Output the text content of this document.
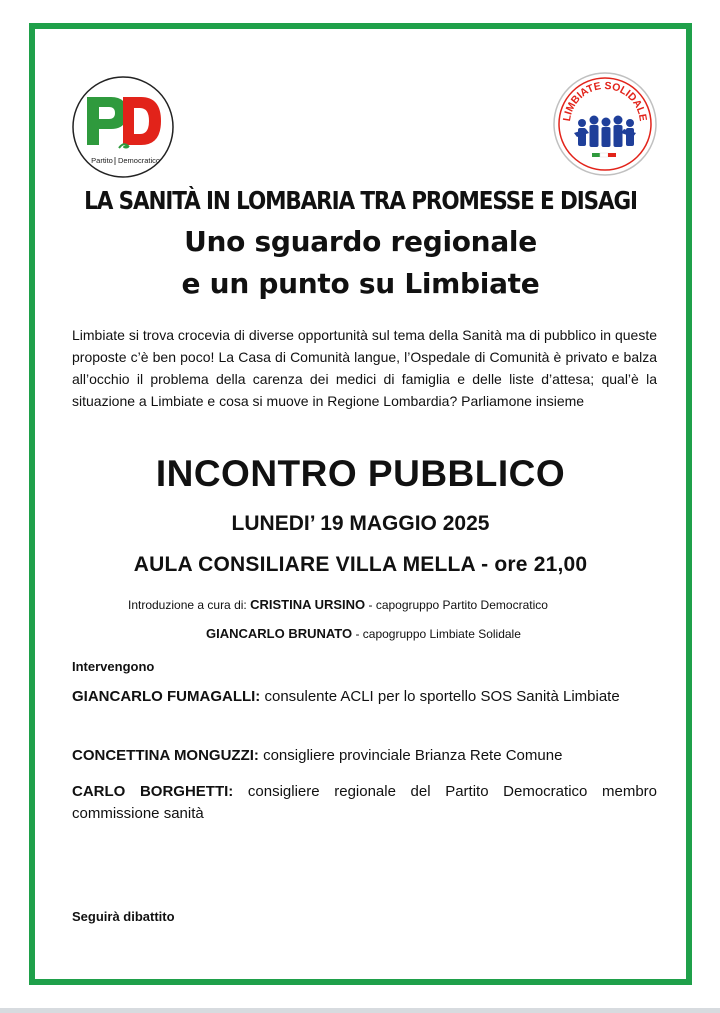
Partito Democratico
LIMBIATE SOLIDALE
LA SANITÀ IN LOMBARIA TRA PROMESSE E DISAGI
Uno sguardo regionale
e un punto su Limbiate
Limbiate si trova crocevia di diverse opportunità sul tema della Sanità ma di pubblico in queste proposte c’è ben poco! La Casa di Comunità langue, l’Ospedale di Comunità è privato e balza all’occhio il problema della carenza dei medici di famiglia e delle liste d’attesa; qual’è la situazione a Limbiate e cosa si muove in Regione Lombardia? Parliamone insieme
INCONTRO PUBBLICO
LUNEDI’ 19 MAGGIO 2025
AULA CONSILIARE VILLA MELLA - ore 21,00
Introduzione a cura di: CRISTINA URSINO - capogruppo Partito Democratico
GIANCARLO BRUNATO - capogruppo Limbiate Solidale
Intervengono
GIANCARLO FUMAGALLI: consulente ACLI per lo sportello SOS Sanità Limbiate
CONCETTINA MONGUZZI: consigliere provinciale Brianza Rete Comune
CARLO BORGHETTI: consigliere regionale del Partito Democratico membro commissione sanità
Seguirà dibattito
